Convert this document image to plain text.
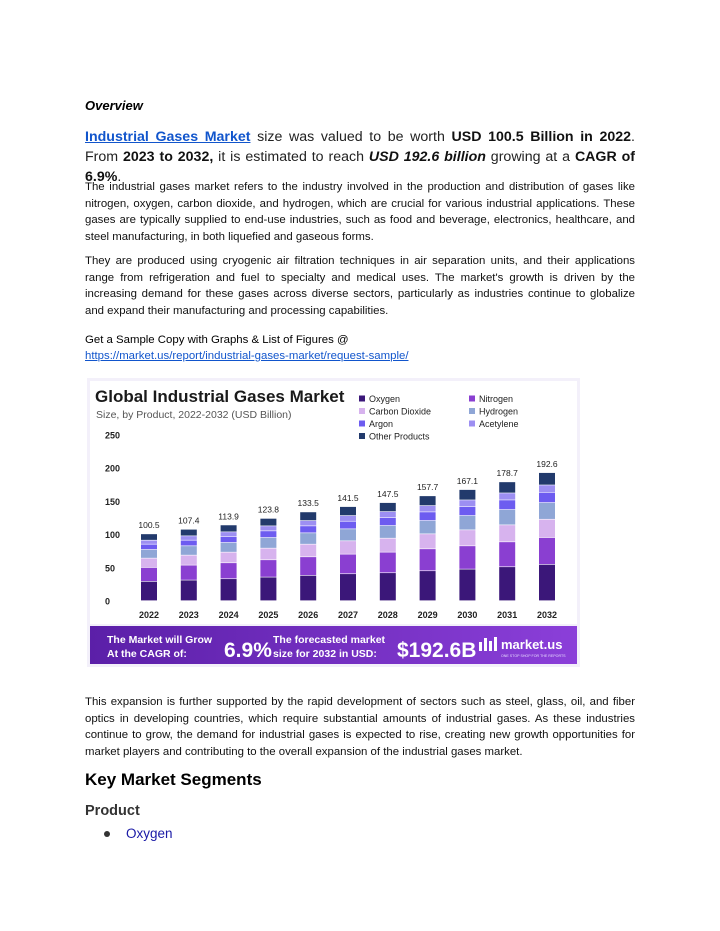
Overview
Industrial Gases Market size was valued to be worth USD 100.5 Billion in 2022. From 2023 to 2032, it is estimated to reach USD 192.6 billion growing at a CAGR of 6.9%.
The industrial gases market refers to the industry involved in the production and distribution of gases like nitrogen, oxygen, carbon dioxide, and hydrogen, which are crucial for various industrial applications. These gases are typically supplied to end-use industries, such as food and beverage, electronics, healthcare, and steel manufacturing, in both liquefied and gaseous forms.
They are produced using cryogenic air filtration techniques in air separation units, and their applications range from refrigeration and fuel to specialty and medical uses. The market's growth is driven by the increasing demand for these gases across diverse sectors, particularly as industries continue to globalize and expand their manufacturing and processing capabilities.
Get a Sample Copy with Graphs & List of Figures @
https://market.us/report/industrial-gases-market/request-sample/
Global Industrial Gases Market
Size, by Product, 2022-2032 (USD Billion)
Oxygen	Nitrogen
Carbon Dioxide	Hydrogen
Argon	Acetylene
Other Products
0
50
100
150
200
250
100.5 107.4 113.9
123.8
133.5
141.5 147.5
157.7
167.1
178.7
192.6
2022 2023 2024 2025 2026 2027 2028 2029 2030 2031 2032
The Market will Grow
At the CAGR of: 6.9% The forecasted market
size for 2032 in USD: $192.6B market.us
ONE STOP SHOP FOR THE REPORTS
This expansion is further supported by the rapid development of sectors such as steel, glass, oil, and fiber optics in developing countries, which require substantial amounts of industrial gases. As these industries continue to grow, the demand for industrial gases is expected to rise, creating new growth opportunities for market players and contributing to the overall expansion of the industrial gases market.
Key Market Segments
Product
Oxygen
